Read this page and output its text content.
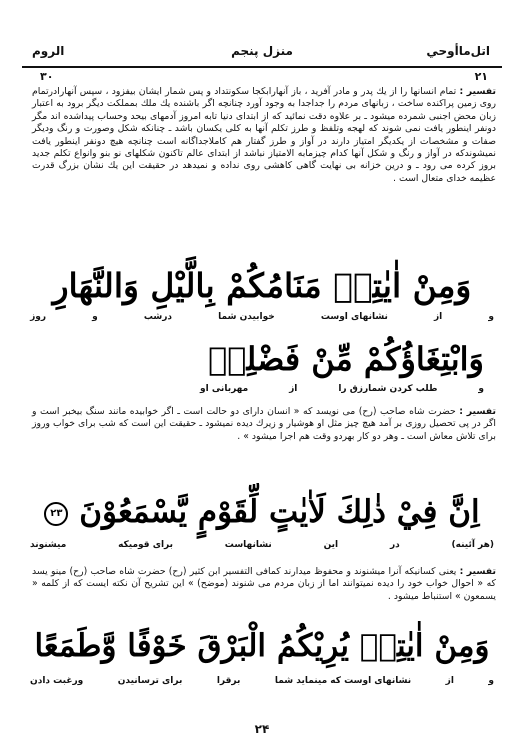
الروم	منزل پنجم	اتل‌ماأوحي
۳۰	۲۱
تفسير : تمام انسانها را از یك پدر و مادر آفرید ، باز آنهارابکجا سکونتداد و پس شمار ایشان بیفزود ، سپس آنهارادرتمام روی زمین پراکنده ساخت ، زبانهای مردم را جداجدا به وجود آورد چنانچه اگر باشنده یك ملك بمملكت دیگر برود به اعتبار زبان محض اجنبی شمرده میشود ـ بر علاوه دقت نمائید که از ابتدای دنیا تابه امروز آدمهای بیحد وحساب پیداشده اند مگر دونفر اینطور یافت نمی شوند که لهجه وتلفظ و طرز تکلم آنها به کلی یکسان باشد ـ چنانکه شکل وصورت و رنگ ودیگر صفات و مشخصات از یکدیگر امتیاز دارند در آواز و طرز گفتار هم کاملاجداگانه است چنانچه هیچ دونفر اینطور یافت نمیشوندکه در آواز و رنگ و شکل آنها کدام چیزمابه الامتیاز نباشد از ابتدای عالم تاکنون شکلهای نو بنو وانواع تکلم جدید بروز کرده می رود ـ و درین خزانه بی نهایت گاهی کاهشی روی نداده و نمیدهد در حقیقت این یك نشان بزرگ قدرت عظیمه خدای متعال است .
وَمِنْ اٰيٰتِهٖ مَنَامُكُمْ بِالَّيْلِ وَالنَّهَارِ
و
از
نشانهای اوست
خوابیدن شما
درشب
و
روز
وَابْتِغَاؤُكُمْ مِّنْ فَضْلِهٖ
و
طلب کردن شمارزق را
از
مهربانی او
تفسير : حضرت شاه صاحب (رح) می نویسد که « انسان دارای دو حالت است ـ اگر خوابیده مانند سنگ بیخبر است و اگر در پی تحصیل روزی بر آمد هیچ چیز مثل او هوشیار و زیرك دیده نمیشود ـ حقیقت این است که شب برای خواب وروز برای تلاش معاش است ـ وهر دو کار بهردو وقت هم اجرا میشود » .
اِنَّ فِيْ ذٰلِكَ لَاٰيٰتٍ لِّقَوْمٍ يَّسْمَعُوْنَ ۲۳
(هر آئینه)
در
این
نشانهاست
برای قومیکه
میشنوند
تفسير : یعنی کسانیکه آنرا میشنوند و محفوظ میدارند کمافی التفسیر ابن کثیر (رح) حضرت شاه صاحب (رح) مینو یسد که « احوال خواب خود را دیده نمیتوانند اما از زبان مردم می شنوند (موضح) » این تشریح آن نکته ایست که از کلمه « يسمعون » استنباط میشود .
وَمِنْ اٰيٰتِهٖ يُرِيْكُمُ الْبَرْقَ خَوْفًا وَّطَمَعًا
و
از
نشانهای اوست که مینماید شما
برقرا
برای ترسانیدن
ورغبت دادن
۲۴
